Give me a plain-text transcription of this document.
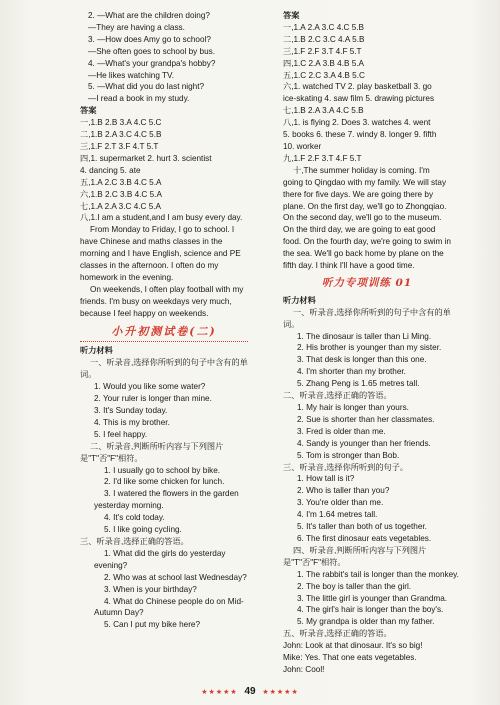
2. —What are the children doing?
—They are having a class.
3. —How does Amy go to school?
—She often goes to school by bus.
4. —What's your grandpa's hobby?
—He likes watching TV.
5. —What did you do last night?
—I read a book in my study.
答案
一,1.B 2.B 3.A 4.C 5.C
二,1.B 2.A 3.C 4.C 5.B
三,1.F 2.T 3.F 4.T 5.T
四,1. supermarket 2. hurt 3. scientist
4. dancing 5. ate
五,1.A 2.C 3.B 4.C 5.A
六,1.B 2.C 3.B 4.C 5.A
七,1.A 2.A 3.C 4.C 5.A
八,1.I am a student,and I am busy every day.
From Monday to Friday, I go to school. I have Chinese and maths classes in the morning and I have English, science and PE classes in the afternoon. I often do my homework in the evening.
On weekends, I often play football with my friends. I'm busy on weekdays very much, because I feel happy on weekends.
小升初测试卷(二)
听力材料
一、听录音,选择你所听到的句子中含有的单词。
1. Would you like some water?
2. Your ruler is longer than mine.
3. It's Sunday today.
4. This is my brother.
5. I feel happy.
二、听录音,判断所听内容与下列图片是"T"否"F"相符。
1. I usually go to school by bike.
2. I'd like some chicken for lunch.
3. I watered the flowers in the garden yesterday morning.
4. It's cold today.
5. I like going cycling.
三、听录音,选择正确的答语。
1. What did the girls do yesterday evening?
2. Who was at school last Wednesday?
3. When is your birthday?
4. What do Chinese people do on Mid-Autumn Day?
5. Can I put my bike here?
答案
一,1.A 2.A 3.C 4.C 5.B
二,1.B 2.C 3.C 4.A 5.B
三,1.F 2.F 3.T 4.F 5.T
四,1.C 2.A 3.B 4.B 5.A
五,1.C 2.C 3.A 4.B 5.C
六,1. watched TV 2. play basketball 3. go
ice-skating 4. saw film 5. drawing pictures
七,1.B 2.A 3.A 4.C 5.B
八,1. is flying 2. Does 3. watches 4. went
5. books 6. these 7. windy 8. longer 9. fifth
10. worker
九,1.F 2.F 3.T 4.F 5.T
十,The summer holiday is coming. I'm going to Qingdao with my family. We will stay there for five days. We are going there by plane. On the first day, we'll go to Zhongqiao. On the second day, we'll go to the museum. On the third day, we are going to eat good food. On the fourth day, we're going to swim in the sea. We'll go back home by plane on the fifth day. I think I'll have a good time.
听力专项训练 01
听力材料
一、听录音,选择你所听到的句子中含有的单词。
1. The dinosaur is taller than Li Ming.
2. His brother is younger than my sister.
3. That desk is longer than this one.
4. I'm shorter than my brother.
5. Zhang Peng is 1.65 metres tall.
二、听录音,选择正确的答语。
1. My hair is longer than yours.
2. Sue is shorter than her classmates.
3. Fred is older than me.
4. Sandy is younger than her friends.
5. Tom is stronger than Bob.
三、听录音,选择你所听到的句子。
1. How tall is it?
2. Who is taller than you?
3. You're older than me.
4. I'm 1.64 metres tall.
5. It's taller than both of us together.
6. The first dinosaur eats vegetables.
四、听录音,判断所听内容与下列图片是"T"否"F"相符。
1. The rabbit's tail is longer than the monkey.
2. The boy is taller than the girl.
3. The little girl is younger than Grandma.
4. The girl's hair is longer than the boy's.
5. My grandpa is older than my father.
五、听录音,选择正确的答语。
John: Look at that dinosaur. It's so big!
Mike: Yes. That one eats vegetables.
John: Cool!
★★★★★ 49 ★★★★★
